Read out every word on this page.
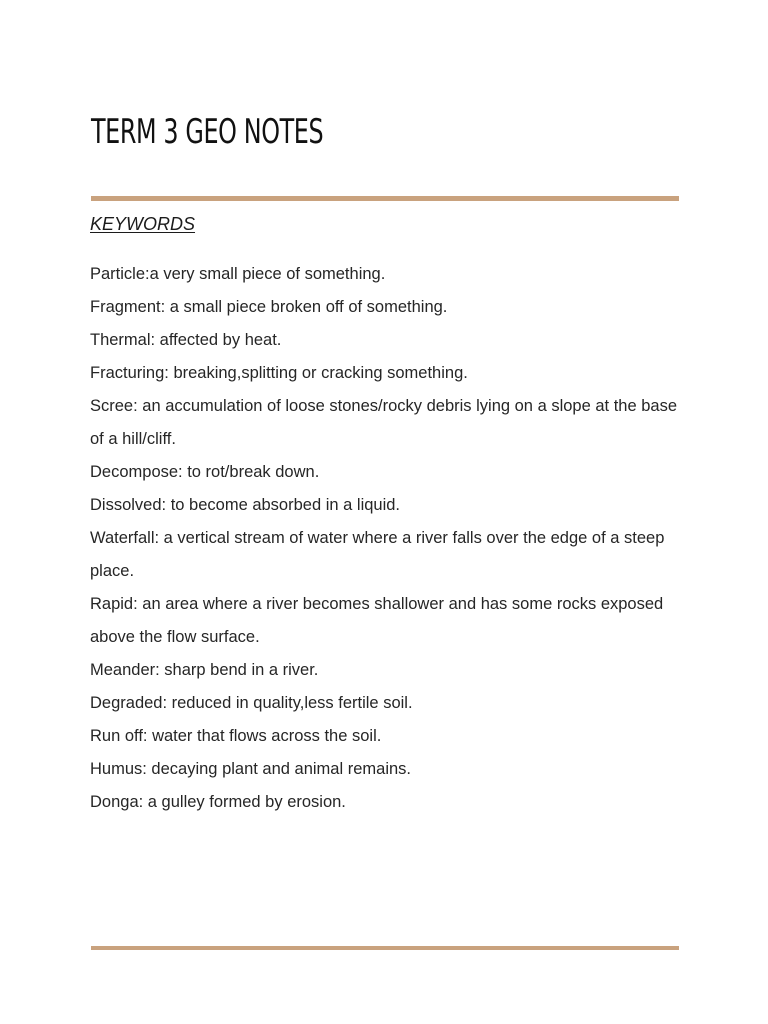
TERM 3 GEO NOTES
KEYWORDS
Particle:a very small piece of something.
Fragment: a small piece broken off of something.
Thermal: affected by heat.
Fracturing: breaking,splitting or cracking something.
Scree: an accumulation of loose stones/rocky debris lying on a slope at the base of a hill/cliff.
Decompose: to rot/break down.
Dissolved: to become absorbed in a liquid.
Waterfall: a vertical stream of water where a river falls over the edge of a steep place.
Rapid: an area where a river becomes shallower and has some rocks exposed above the flow surface.
Meander: sharp bend in a river.
Degraded: reduced in quality,less fertile soil.
Run off: water that flows across the soil.
Humus: decaying plant and animal remains.
Donga: a gulley formed by erosion.
